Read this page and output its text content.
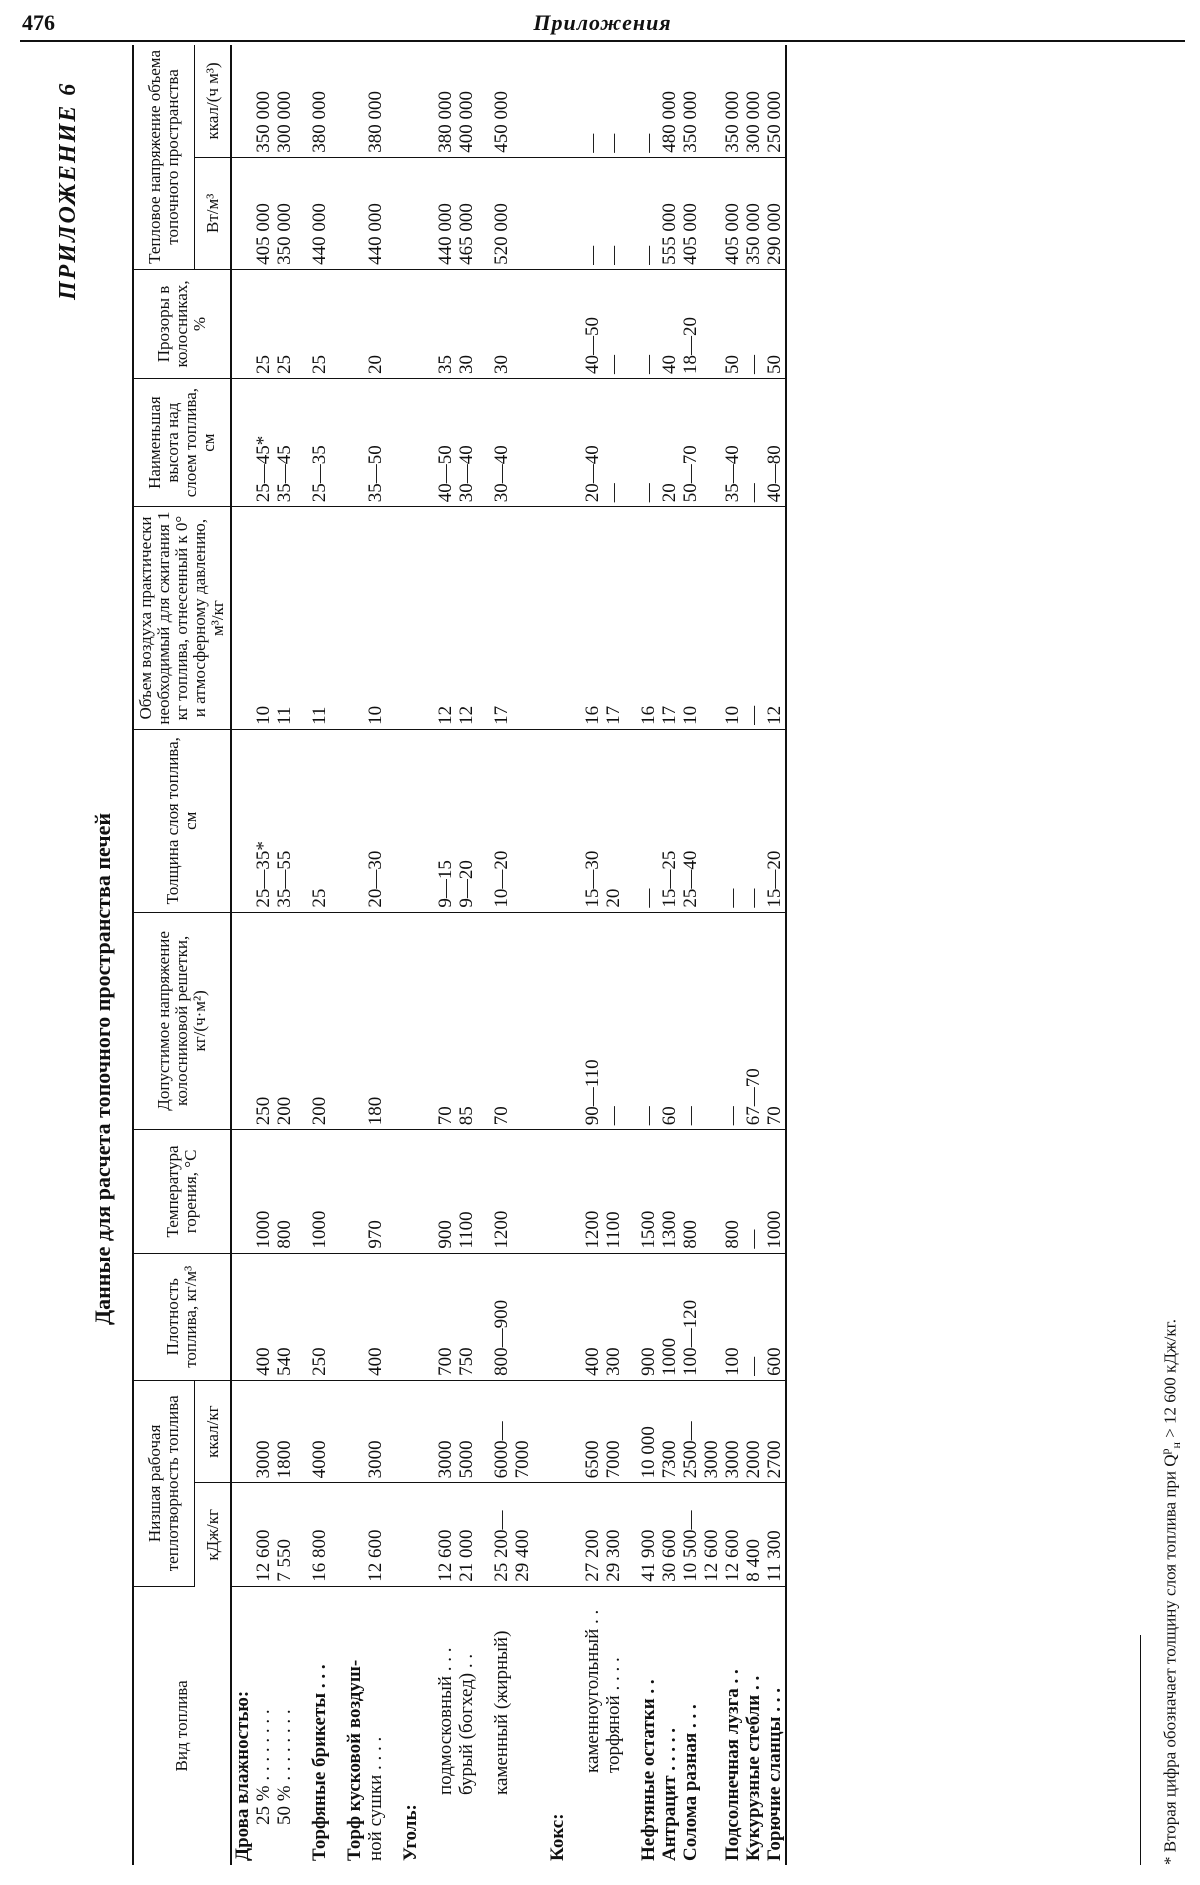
476	Приложения
ПРИЛОЖЕНИЕ 6
Данные для расчета топочного пространства печей
Вид топлива	Низшая рабочая теплотворность топлива		Плотность топлива, кг/м³	Температура горения, °С	Допустимое напряжение колосниковой решетки, кг/(ч·м²)	Толщина слоя топлива, см	Объем воздуха практически необходимый для сжигания 1 кг топлива, отнесенный к 0° и атмосферному давлению, м³/кг	Наименьшая высота над слоем топлива, см	Прозоры в колосниках, %	Тепловое напряжение объема топочного пространства	
	кДж/кг	ккал/кг								Вт/м³	ккал/(ч м³)
Дрова влажностью:											
25 % . . . . . . . .	12 600	3000	400	1000	250	25—35*	10	25—45*	25	405 000	350 000
50 % . . . . . . . .	7 550	1800	540	800	200	35—55	11	35—45	25	350 000	300 000

Торфяные брикеты . . .	16 800	4000	250	1000	200	25	11	25—35	25	440 000	380 000

Торф кусковой воздуш-											
ной сушки . . . .	12 600	3000	400	970	180	20—30	10	35—50	20	440 000	380 000

Уголь:											

подмосковный . . .	12 600	3000	700	900	70	9—15	12	40—50	35	440 000	380 000
бурый (богхед) . .	21 000	5000	750	1100	85	9—20	12	30—40	30	465 000	400 000

каменный (жирный)	25 200—	6000—	800—900	1200	70	10—20	17	30—40	30	520 000	450 000
	29 400	7000									

Кокс:											

каменноугольный . .	27 200	6500	400	1200	90—110	15—30	16	20—40	40—50	—	—
торфяной . . . .	29 300	7000	300	1100	—	20	17	—	—	—	—

Нефтяные остатки . .	41 900	10 000	900	1500	—	—	16	—	—	—	—
Антрацит . . . . .	30 600	7300	1000	1300	60	15—25	17	20	40	555 000	480 000
Солома разная . . .	10 500—	2500—	100—120	800	—	25—40	10	50—70	18—20	405 000	350 000
	12 600	3000									
Подсолнечная лузга . .	12 600	3000	100	800	—	—	10	35—40	50	405 000	350 000
Кукурузные стебли . .	8 400	2000	—	—	67—70	—	—	—	—	350 000	300 000
Горючие сланцы . . .	11 300	2700	600	1000	70	15—20	12	40—80	50	290 000	250 000
* Вторая цифра обозначает толщину слоя топлива при $Q^р_н > 12$ 600 кДж/кг.
